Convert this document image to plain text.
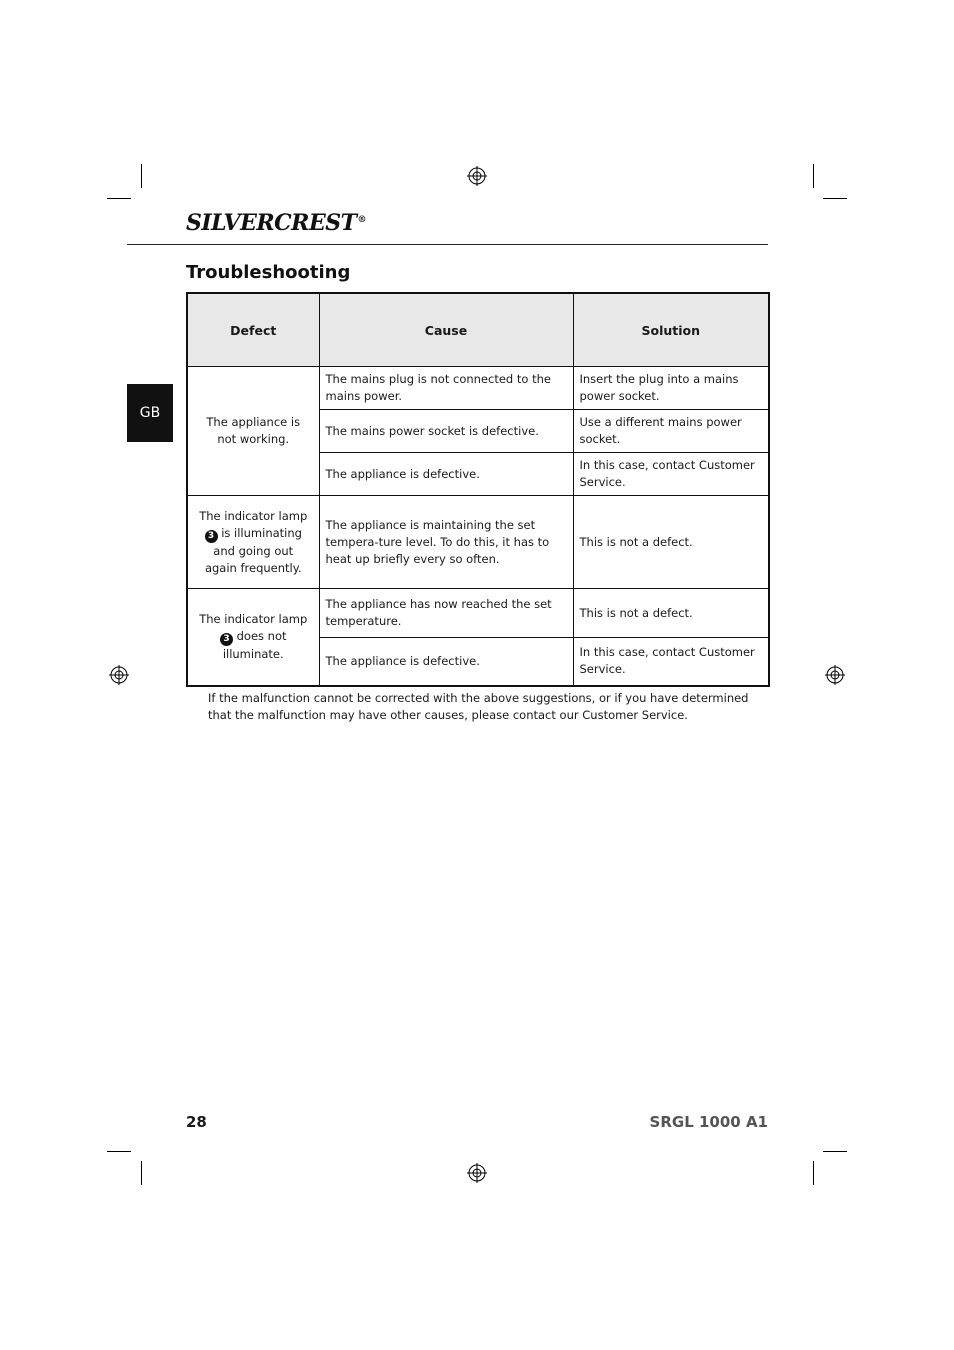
SILVERCREST®
GB
Troubleshooting
Defect	Cause	Solution
The appliance is not working.	The mains plug is not connected to the mains power.	Insert the plug into a mains power socket.
	The mains power socket is defective.	Use a different mains power socket.
	The appliance is defective.	In this case, contact Customer Service.
The indicator lamp 3 is illuminating and going out again frequently.	The appliance is maintaining the set tempera-ture level. To do this, it has to heat up briefly every so often.	This is not a defect.
The indicator lamp 3 does not illuminate.	The appliance has now reached the set temperature.	This is not a defect.
	The appliance is defective.	In this case, contact Customer Service.

If the malfunction cannot be corrected with the above suggestions, or if you have determined that the malfunction may have other causes, please contact our Customer Service.

28	SRGL 1000 A1
